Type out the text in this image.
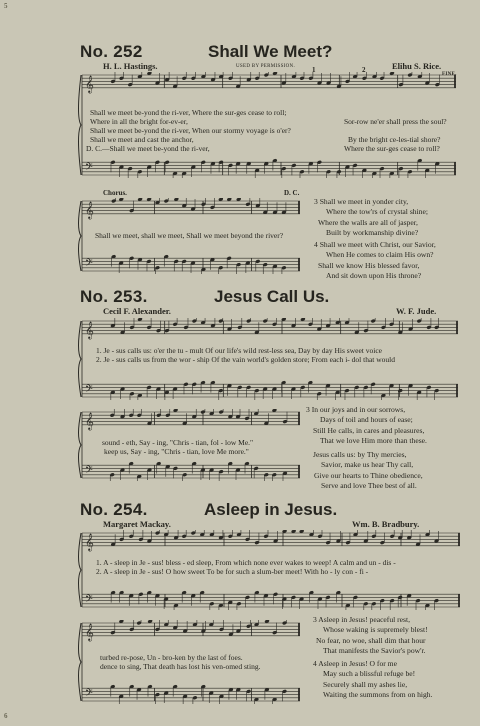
5
6
No. 252	Shall We Meet?
H. L. Hastings.	USED BY PERMISSION.	Elihu S. Rice.
1	2
FINE.
𝄞
𝄢
Shall we meet be-yond the ri-ver, Where the sur-ges cease to roll;
Where in all the bright for-ev-er,	Sor-row ne'er shall press the soul?
Shall we meet be-yond the ri-ver, When our stormy voyage is o'er?
Shall we meet and cast the anchor,	By the bright ce-les-tial shore?
D. C.—Shall we meet be-yond the ri-ver,	Where the sur-ges cease to roll?
Chorus.	D. C.
𝄞
𝄢
Shall we meet, shall we meet, Shall we meet beyond the river?
3 Shall we meet in yonder city,
Where the tow'rs of crystal shine;
Where the walls are all of jasper,
Built by workmanship divine?
4 Shall we meet with Christ, our Savior,
When He comes to claim His own?
Shall we know His blessed favor,
And sit down upon His throne?
No. 253.	Jesus Call Us.
Cecil F. Alexander.	W. F. Jude.
𝄞
𝄢
1. Je - sus calls us: o'er the tu - mult Of our life's wild rest-less sea, Day by day His sweet voice
2. Je - sus calls us from the wor - ship Of the vain world's golden store; From each i- dol that would
𝄞
𝄢
sound - eth, Say - ing, "Chris - tian, fol - low Me."
keep us, Say - ing, "Chris - tian, love Me more."
3 In our joys and in our sorrows,
Days of toil and hours of ease;
Still He calls, in cares and pleasures,
That we love Him more than these.
Jesus calls us: by Thy mercies,
Savior, make us hear Thy call,
Give our hearts to Thine obedience,
Serve and love Thee best of all.
No. 254.	Asleep in Jesus.
Margaret Mackay.	Wm. B. Bradbury.
𝄞
𝄢
1. A - sleep in Je - sus! bless - ed sleep, From which none ever wakes to weep! A calm and un - dis -
2. A - sleep in Je - sus! O how sweet To be for such a slum-ber meet! With ho - ly con - fi -
𝄞
𝄢
turbed re-pose, Un - bro-ken by the last of foes.
dence to sing, That death has lost his ven-omed sting.
3 Asleep in Jesus! peaceful rest,
Whose waking is supremely blest!
No fear, no woe, shall dim that hour
That manifests the Savior's pow'r.
4 Asleep in Jesus! O for me
May such a blissful refuge be!
Securely shall my ashes lie,
Waiting the summons from on high.
